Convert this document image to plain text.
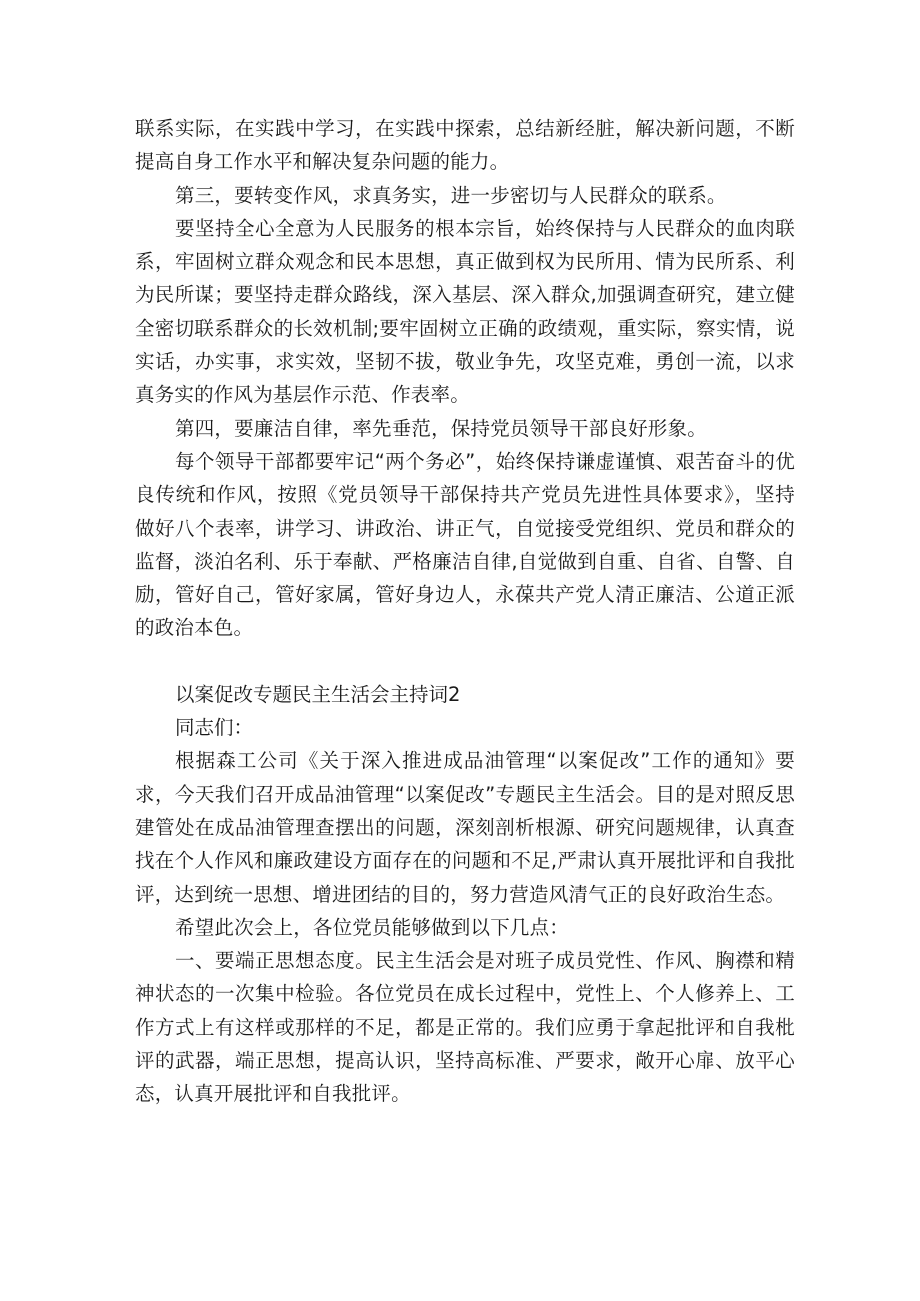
联系实际，在实践中学习，在实践中探索，总结新经脏，解决新问题，不断提高自身工作水平和解决复杂问题的能力。

第三，要转变作风，求真务实，进一步密切与人民群众的联系。

要坚持全心全意为人民服务的根本宗旨，始终保持与人民群众的血肉联系，牢固树立群众观念和民本思想，真正做到权为民所用、情为民所系、利为民所谋；要坚持走群众路线，深入基层、深入群众,加强调查研究，建立健全密切联系群众的长效机制;要牢固树立正确的政绩观，重实际，察实情，说实话，办实事，求实效，坚韧不拔，敬业争先，攻坚克难，勇创一流，以求真务实的作风为基层作示范、作表率。

第四，要廉洁自律，率先垂范，保持党员领导干部良好形象。

每个领导干部都要牢记“两个务必”，始终保持谦虚谨慎、艰苦奋斗的优良传统和作风，按照《党员领导干部保持共产党员先进性具体要求》，坚持做好八个表率，讲学习、讲政治、讲正气，自觉接受党组织、党员和群众的监督，淡泊名利、乐于奉献、严格廉洁自律,自觉做到自重、自省、自警、自励，管好自己，管好家属，管好身边人，永葆共产党人清正廉洁、公道正派的政治本色。

以案促改专题民主生活会主持词2

同志们：

根据森工公司《关于深入推进成品油管理“以案促改”工作的通知》要求，今天我们召开成品油管理“以案促改”专题民主生活会。目的是对照反思建管处在成品油管理查摆出的问题，深刻剖析根源、研究问题规律，认真查找在个人作风和廉政建设方面存在的问题和不足,严肃认真开展批评和自我批评，达到统一思想、增进团结的目的，努力营造风清气正的良好政治生态。

希望此次会上，各位党员能够做到以下几点：

一、要端正思想态度。民主生活会是对班子成员党性、作风、胸襟和精神状态的一次集中检验。各位党员在成长过程中，党性上、个人修养上、工作方式上有这样或那样的不足，都是正常的。我们应勇于拿起批评和自我枇评的武器，端正思想，提高认识，坚持高标准、严要求，敞开心扉、放平心态，认真开展批评和自我批评。
